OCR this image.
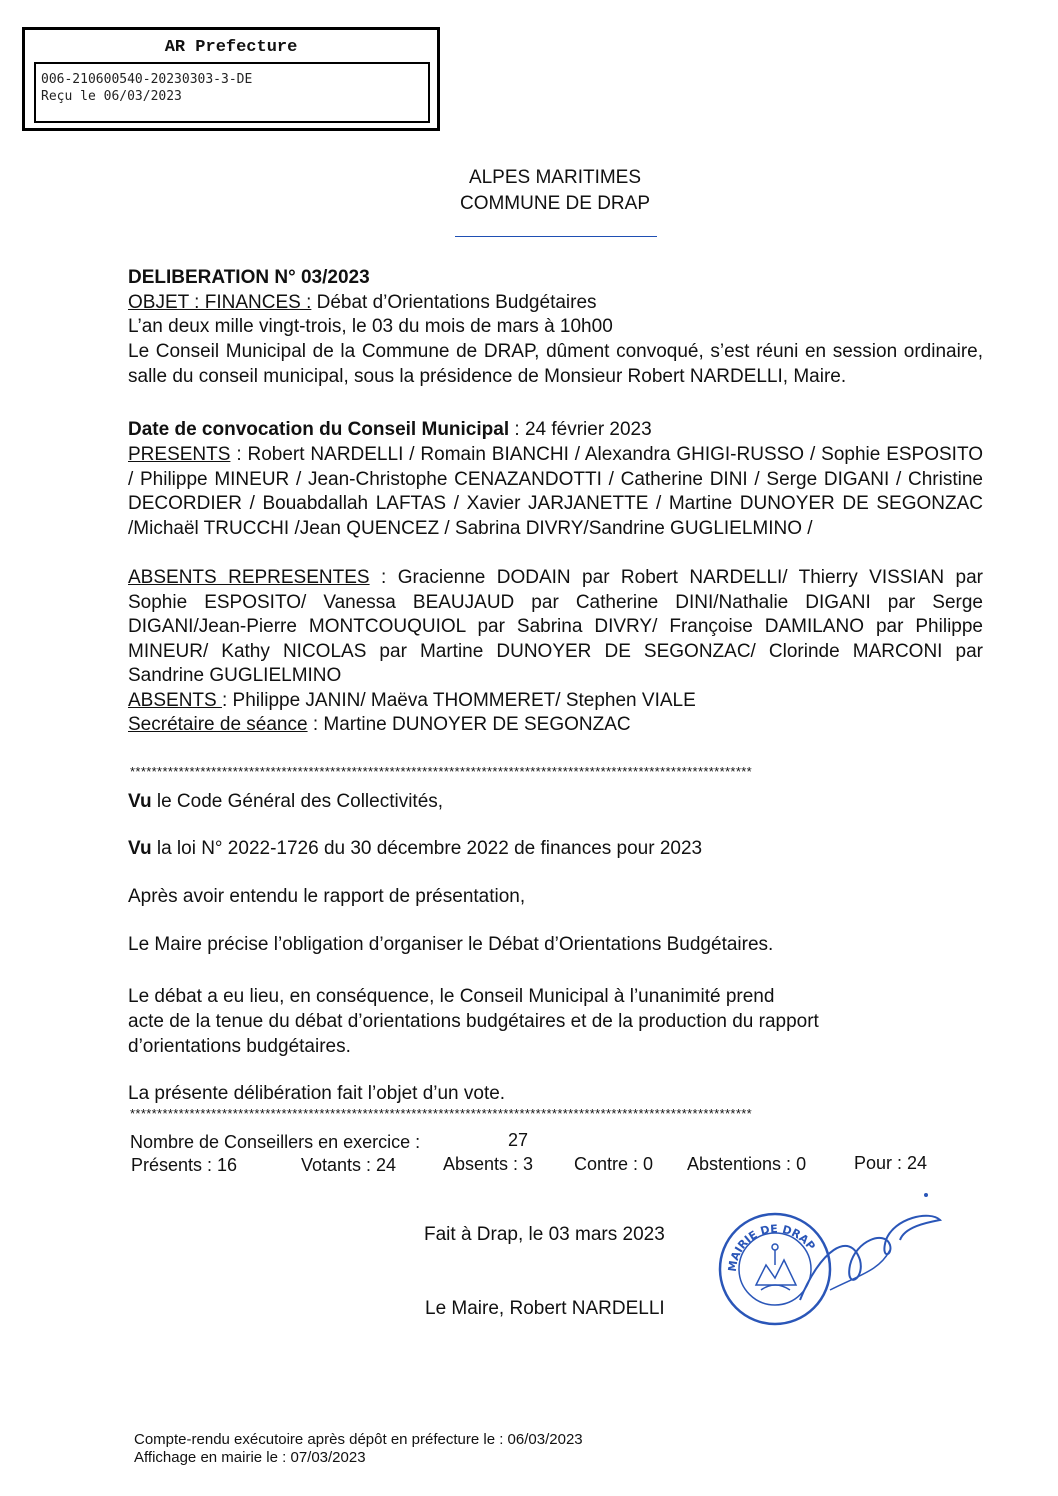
AR Prefecture
006-210600540-20230303-3-DE
Reçu le 06/03/2023
ALPES MARITIMES
COMMUNE DE DRAP
DELIBERATION N° 03/2023
OBJET : FINANCES : Débat d’Orientations Budgétaires
L’an deux mille vingt-trois, le 03 du mois de mars à 10h00
Le Conseil Municipal de la Commune de DRAP, dûment convoqué, s’est réuni en session ordinaire, salle du conseil municipal, sous la présidence de Monsieur Robert NARDELLI, Maire.
Date de convocation du Conseil Municipal : 24 février 2023
PRESENTS : Robert NARDELLI / Romain BIANCHI / Alexandra GHIGI-RUSSO / Sophie ESPOSITO / Philippe MINEUR / Jean-Christophe CENAZANDOTTI / Catherine DINI / Serge DIGANI / Christine DECORDIER / Bouabdallah LAFTAS / Xavier JARJANETTE / Martine DUNOYER DE SEGONZAC /Michaël TRUCCHI /Jean QUENCEZ / Sabrina DIVRY/Sandrine GUGLIELMINO /
ABSENTS REPRESENTES : Gracienne DODAIN par Robert NARDELLI/ Thierry VISSIAN par Sophie ESPOSITO/ Vanessa BEAUJAUD par Catherine DINI/Nathalie DIGANI par Serge DIGANI/Jean-Pierre MONTCOUQUIOL par Sabrina DIVRY/ Françoise DAMILANO par Philippe MINEUR/ Kathy NICOLAS par Martine DUNOYER DE SEGONZAC/ Clorinde MARCONI par Sandrine GUGLIELMINO
ABSENTS : Philippe JANIN/ Maëva THOMMERET/ Stephen VIALE
Secrétaire de séance : Martine DUNOYER DE SEGONZAC
*******************************************************************************************************************
Vu le Code Général des Collectivités,
Vu la loi N° 2022-1726 du 30 décembre 2022 de finances pour 2023
Après avoir entendu le rapport de présentation,
Le Maire précise l’obligation d’organiser le Débat d’Orientations Budgétaires.
Le débat a eu lieu, en conséquence, le Conseil Municipal à l’unanimité prend
acte de la tenue du débat d’orientations budgétaires et de la production du rapport
d’orientations budgétaires.
La présente délibération fait l’objet d’un vote.
*******************************************************************************************************************
Nombre de Conseillers en exercice :	27
Présents : 16	Votants : 24	Absents : 3 Contre : 0 Abstentions : 0	Pour : 24
Fait à Drap, le 03 mars 2023
Le Maire, Robert NARDELLI
MAIRIE DE DRAP
Compte-rendu exécutoire après dépôt en préfecture le : 06/03/2023
Affichage en mairie le : 07/03/2023
